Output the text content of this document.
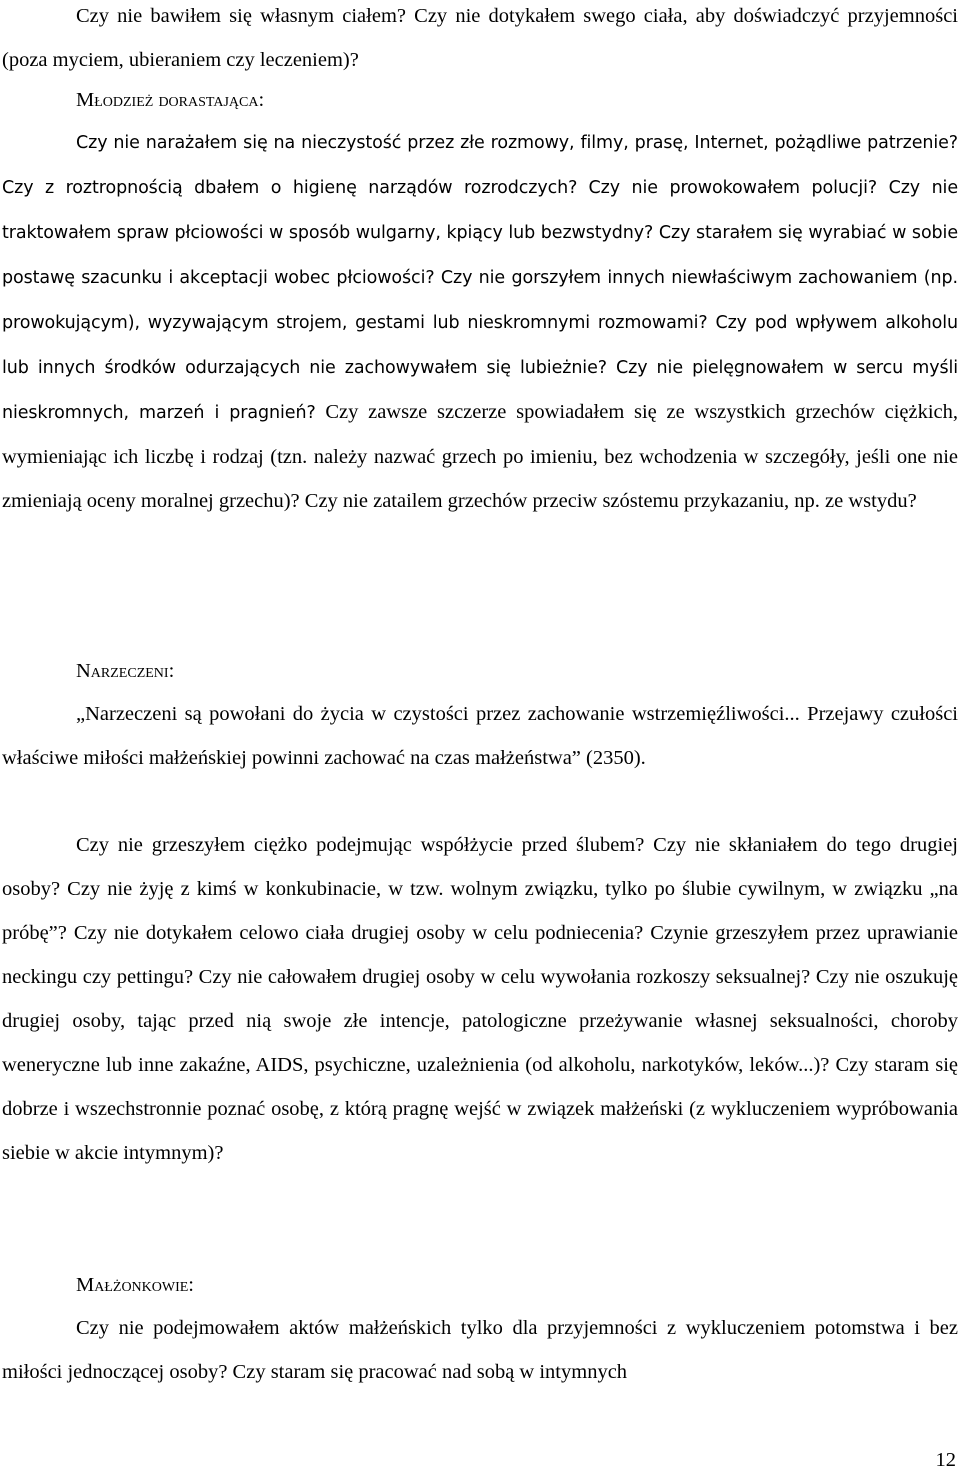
Czy nie bawiłem się własnym ciałem? Czy nie dotykałem swego ciała, aby doświadczyć przyjemności (poza myciem, ubieraniem czy leczeniem)?

Młodzież dorastająca:

Czy nie narażałem się na nieczystość przez złe rozmowy, filmy, prasę, Internet, pożądliwe patrzenie? Czy z roztropnością dbałem o higienę narządów rozrodczych? Czy nie prowokowałem polucji? Czy nie traktowałem spraw płciowości w sposób wulgarny, kpiący lub bezwstydny? Czy starałem się wyrabiać w sobie postawę szacunku i akceptacji wobec płciowości? Czy nie gorszyłem innych niewłaściwym zachowaniem (np. prowokującym), wyzywającym strojem, gestami lub nieskromnymi rozmowami? Czy pod wpływem alkoholu lub innych środków odurzających nie zachowywałem się lubieżnie? Czy nie pielęgnowałem w sercu myśli nieskromnych, marzeń i pragnień? Czy zawsze szczerze spowiadałem się ze wszystkich grzechów ciężkich, wymieniając ich liczbę i rodzaj (tzn. należy nazwać grzech po imieniu, bez wchodzenia w szczegóły, jeśli one nie zmieniają oceny moralnej grzechu)? Czy nie zatailem grzechów przeciw szóstemu przykazaniu, np. ze wstydu?

Narzeczeni:

„Narzeczeni są powołani do życia w czystości przez zachowanie wstrzemięźliwości... Przejawy czułości właściwe miłości małżeńskiej powinni zachować na czas małżeństwa” (2350).

Czy nie grzeszyłem ciężko podejmując współżycie przed ślubem? Czy nie skłaniałem do tego drugiej osoby? Czy nie żyję z kimś w konkubinacie, w tzw. wolnym związku, tylko po ślubie cywilnym, w związku „na próbę”? Czy nie dotykałem celowo ciała drugiej osoby w celu podniecenia? Czynie grzeszyłem przez uprawianie neckingu czy pettingu? Czy nie całowałem drugiej osoby w celu wywołania rozkoszy seksualnej? Czy nie oszukuję drugiej osoby, tając przed nią swoje złe intencje, patologiczne przeżywanie własnej seksualności, choroby weneryczne lub inne zakaźne, AIDS, psychiczne, uzależnienia (od alkoholu, narkotyków, leków...)? Czy staram się dobrze i wszechstronnie poznać osobę, z którą pragnę wejść w związek małżeński (z wykluczeniem wypróbowania siebie w akcie intymnym)?

Małżonkowie:

Czy nie podejmowałem aktów małżeńskich tylko dla przyjemności z wykluczeniem potomstwa i bez miłości jednoczącej osoby? Czy staram się pracować nad sobą w intymnych

12
